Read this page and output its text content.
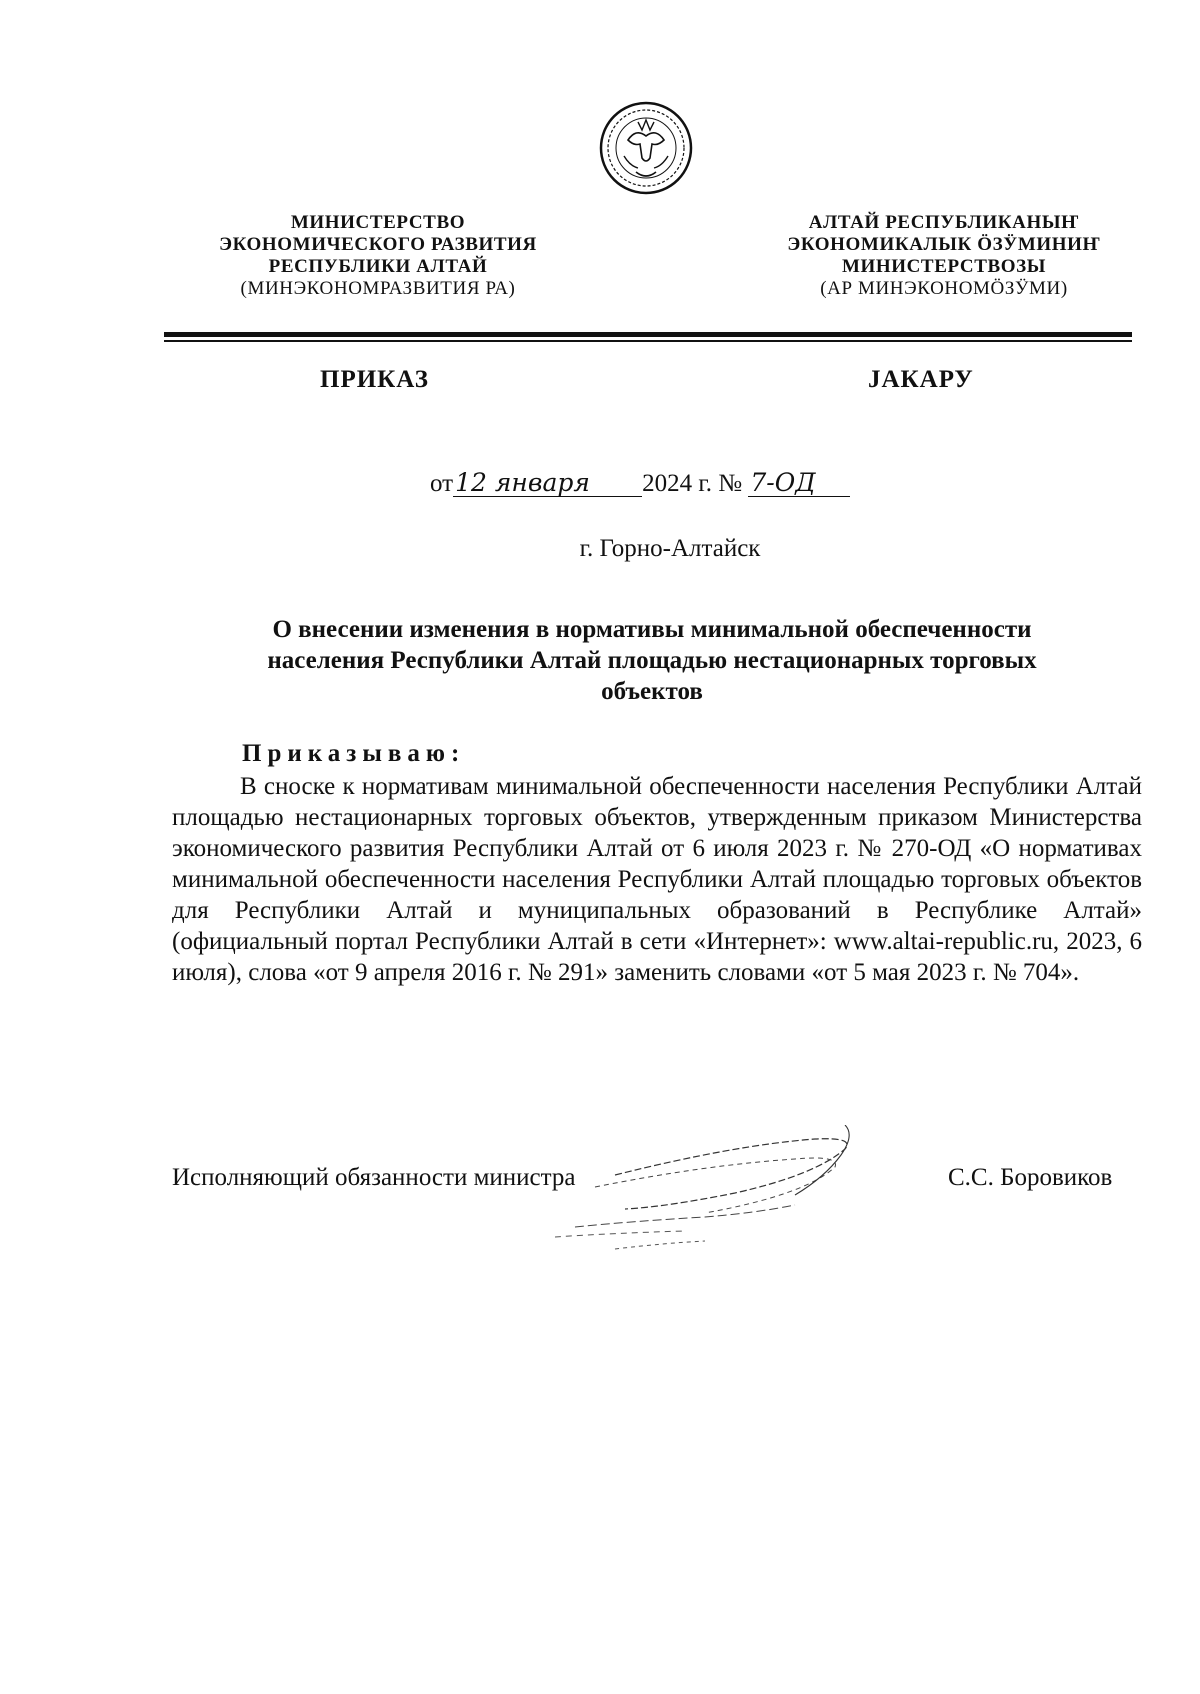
МИНИСТЕРСТВО
ЭКОНОМИЧЕСКОГО РАЗВИТИЯ
РЕСПУБЛИКИ АЛТАЙ
(МИНЭКОНОМРАЗВИТИЯ РА)
АЛТАЙ РЕСПУБЛИКАНЫҤ
ЭКОНОМИКАЛЫК ÖЗӰМИНИҤ
МИНИСТЕРСТВОЗЫ
(АР МИНЭКОНОМÖЗӰМИ)
ПРИКАЗ	JАКАРУ
от12 января 2024 г. № 7-ОД
г. Горно-Алтайск
О внесении изменения в нормативы минимальной обеспеченности
населения Республики Алтай площадью нестационарных торговых
объектов
Приказываю:
В сноске к нормативам минимальной обеспеченности населения Республики Алтай площадью нестационарных торговых объектов, утвержденным приказом Министерства экономического развития Республики Алтай от 6 июля 2023 г. № 270-ОД «О нормативах минимальной обеспеченности населения Республики Алтай площадью торговых объектов для Республики Алтай и муниципальных образований в Республике Алтай» (официальный портал Республики Алтай в сети «Интернет»: www.altai-republic.ru, 2023, 6 июля), слова «от 9 апреля 2016 г. № 291» заменить словами «от 5 мая 2023 г. № 704».
Исполняющий обязанности министра	С.С. Боровиков
